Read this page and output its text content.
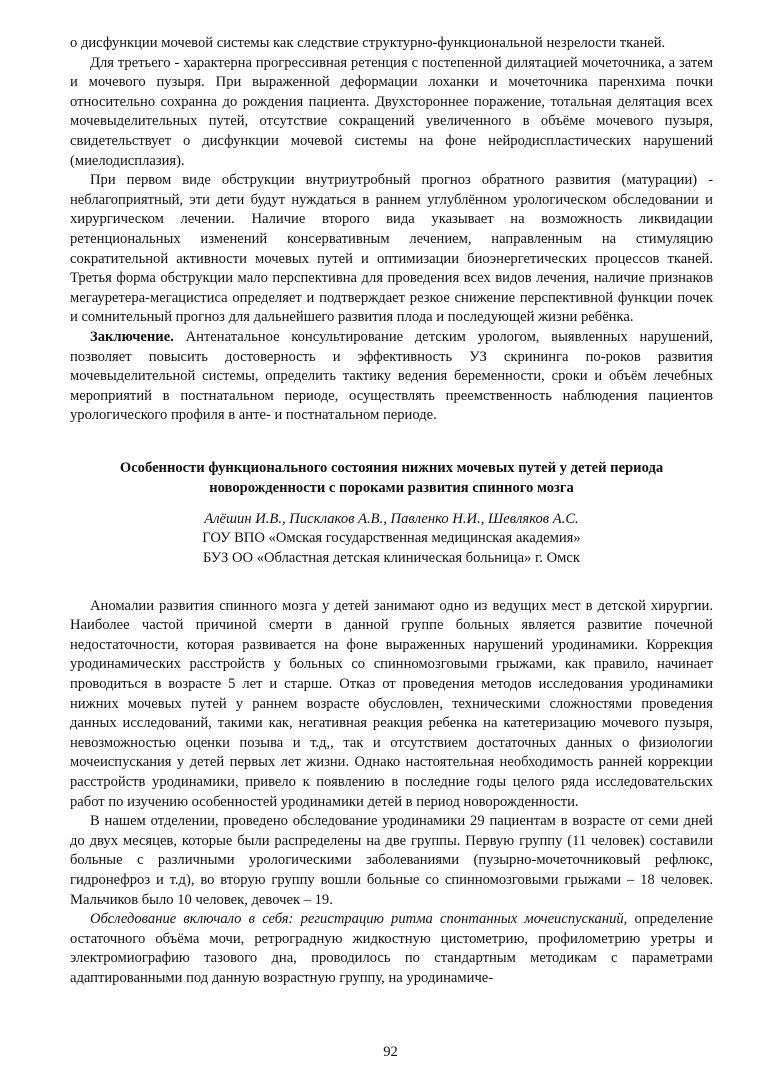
о дисфункции мочевой системы как следствие структурно-функциональной незрелости тканей.

Для третьего - характерна прогрессивная ретенция с постепенной дилятацией мочеточника, а затем и мочевого пузыря. При выраженной деформации лоханки и мочеточника паренхима почки относительно сохранна до рождения пациента. Двухстороннее поражение, тотальная делятация всех мочевыделительных путей, отсутствие сокращений увеличенного в объёме мочевого пузыря, свидетельствует о дисфункции мочевой системы на фоне нейродиспластических нарушений (миелодисплазия).

При первом виде обструкции внутриутробный прогноз обратного развития (матурации) - неблагоприятный, эти дети будут нуждаться в раннем углублённом урологическом обследовании и хирургическом лечении. Наличие второго вида указывает на возможность ликвидации ретенциональных изменений консервативным лечением, направленным на стимуляцию сократительной активности мочевых путей и оптимизации биоэнергетических процессов тканей. Третья форма обструкции мало перспективна для проведения всех видов лечения, наличие признаков мегауретера-мегацистиса определяет и подтверждает резкое снижение перспективной функции почек и сомнительный прогноз для дальнейшего развития плода и последующей жизни ребёнка.

Заключение. Антенатальное консультирование детским урологом, выявленных нарушений, позволяет повысить достоверность и эффективность УЗ скрининга по-роков развития мочевыделительной системы, определить тактику ведения беременности, сроки и объём лечебных мероприятий в постнатальном периоде, осуществлять преемственность наблюдения пациентов урологического профиля в анте- и постнатальном периоде.

Особенности функционального состояния нижних мочевых путей у детей периода новорожденности с пороками развития спинного мозга
Алёшин И.В., Писклаков А.В., Павленко Н.И., Шевляков А.С.
ГОУ ВПО «Омская государственная медицинская академия»
БУЗ ОО «Областная детская клиническая больница» г. Омск

Аномалии развития спинного мозга у детей занимают одно из ведущих мест в детской хирургии. Наиболее частой причиной смерти в данной группе больных является развитие почечной недостаточности, которая развивается на фоне выраженных нарушений уродинамики. Коррекция уродинамических расстройств у больных со спинномозговыми грыжами, как правило, начинает проводиться в возрасте 5 лет и старше. Отказ от проведения методов исследования уродинамики нижних мочевых путей у раннем возрасте обусловлен, техническими сложностями проведения данных исследований, такими как, негативная реакция ребенка на катетеризацию мочевого пузыря, невозможностью оценки позыва и т.д,, так и отсутствием достаточных данных о физиологии мочеиспускания у детей первых лет жизни. Однако настоятельная необходимость ранней коррекции расстройств уродинамики, привело к появлению в последние годы целого ряда исследовательских работ по изучению особенностей уродинамики детей в период новорожденности.

В нашем отделении, проведено обследование уродинамики 29 пациентам в возрасте от семи дней до двух месяцев, которые были распределены на две группы. Первую группу (11 человек) составили больные с различными урологическими заболеваниями (пузырно-мочеточниковый рефлюкс, гидронефроз и т.д), во вторую группу вошли больные со спинномозговыми грыжами – 18 человек. Мальчиков было 10 человек, девочек – 19.

Обследование включало в себя: регистрацию ритма спонтанных мочеиспусканий, определение остаточного объёма мочи, ретроградную жидкостную цистометрию, профилометрию уретры и электромиографию тазового дна, проводилось по стандартным методикам с параметрами адаптированными под данную возрастную группу, на уродинамиче-

92
